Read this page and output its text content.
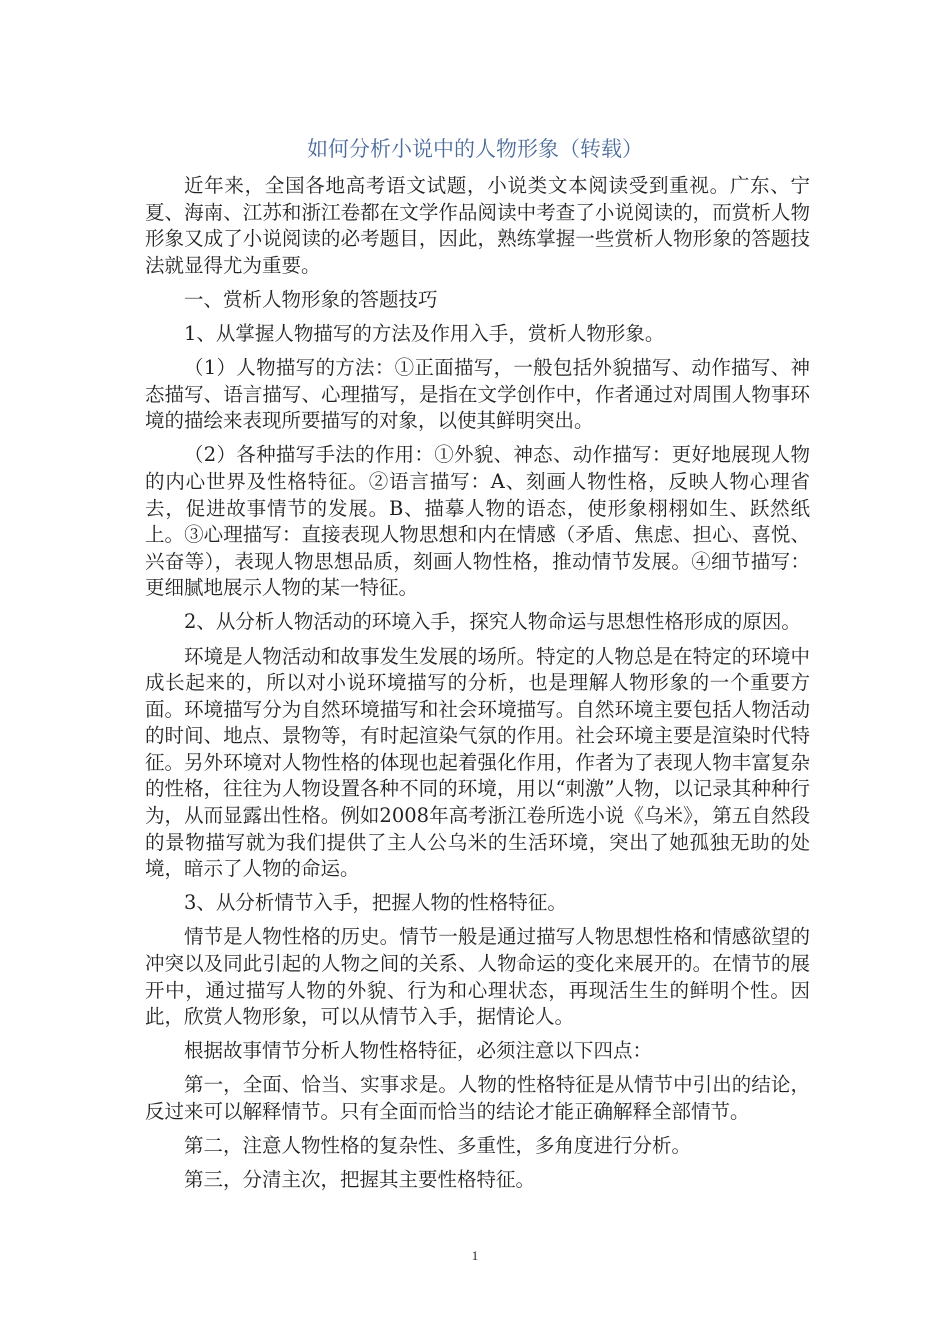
如何分析小说中的人物形象（转载）

近年来，全国各地高考语文试题，小说类文本阅读受到重视。广东、宁夏、海南、江苏和浙江卷都在文学作品阅读中考查了小说阅读的，而赏析人物形象又成了小说阅读的必考题目，因此，熟练掌握一些赏析人物形象的答题技法就显得尤为重要。

一、赏析人物形象的答题技巧

1、从掌握人物描写的方法及作用入手，赏析人物形象。

（1）人物描写的方法：①正面描写，一般包括外貌描写、动作描写、神态描写、语言描写、心理描写，是指在文学创作中，作者通过对周围人物事环境的描绘来表现所要描写的对象，以使其鲜明突出。

（2）各种描写手法的作用：①外貌、神态、动作描写：更好地展现人物的内心世界及性格特征。②语言描写：A、刻画人物性格，反映人物心理省去，促进故事情节的发展。B、描摹人物的语态，使形象栩栩如生、跃然纸上。③心理描写：直接表现人物思想和内在情感（矛盾、焦虑、担心、喜悦、兴奋等），表现人物思想品质，刻画人物性格，推动情节发展。④细节描写：更细腻地展示人物的某一特征。

2、从分析人物活动的环境入手，探究人物命运与思想性格形成的原因。

环境是人物活动和故事发生发展的场所。特定的人物总是在特定的环境中成长起来的，所以对小说环境描写的分析，也是理解人物形象的一个重要方面。环境描写分为自然环境描写和社会环境描写。自然环境主要包括人物活动的时间、地点、景物等，有时起渲染气氛的作用。社会环境主要是渲染时代特征。另外环境对人物性格的体现也起着强化作用，作者为了表现人物丰富复杂的性格，往往为人物设置各种不同的环境，用以“刺激”人物，以记录其种种行为，从而显露出性格。例如2008年高考浙江卷所选小说《乌米》，第五自然段的景物描写就为我们提供了主人公乌米的生活环境，突出了她孤独无助的处境，暗示了人物的命运。

3、从分析情节入手，把握人物的性格特征。

情节是人物性格的历史。情节一般是通过描写人物思想性格和情感欲望的冲突以及同此引起的人物之间的关系、人物命运的变化来展开的。在情节的展开中，通过描写人物的外貌、行为和心理状态，再现活生生的鲜明个性。因此，欣赏人物形象，可以从情节入手，据情论人。

根据故事情节分析人物性格特征，必须注意以下四点：

第一，全面、恰当、实事求是。人物的性格特征是从情节中引出的结论，反过来可以解释情节。只有全面而恰当的结论才能正确解释全部情节。

第二，注意人物性格的复杂性、多重性，多角度进行分析。

第三，分清主次，把握其主要性格特征。

1
